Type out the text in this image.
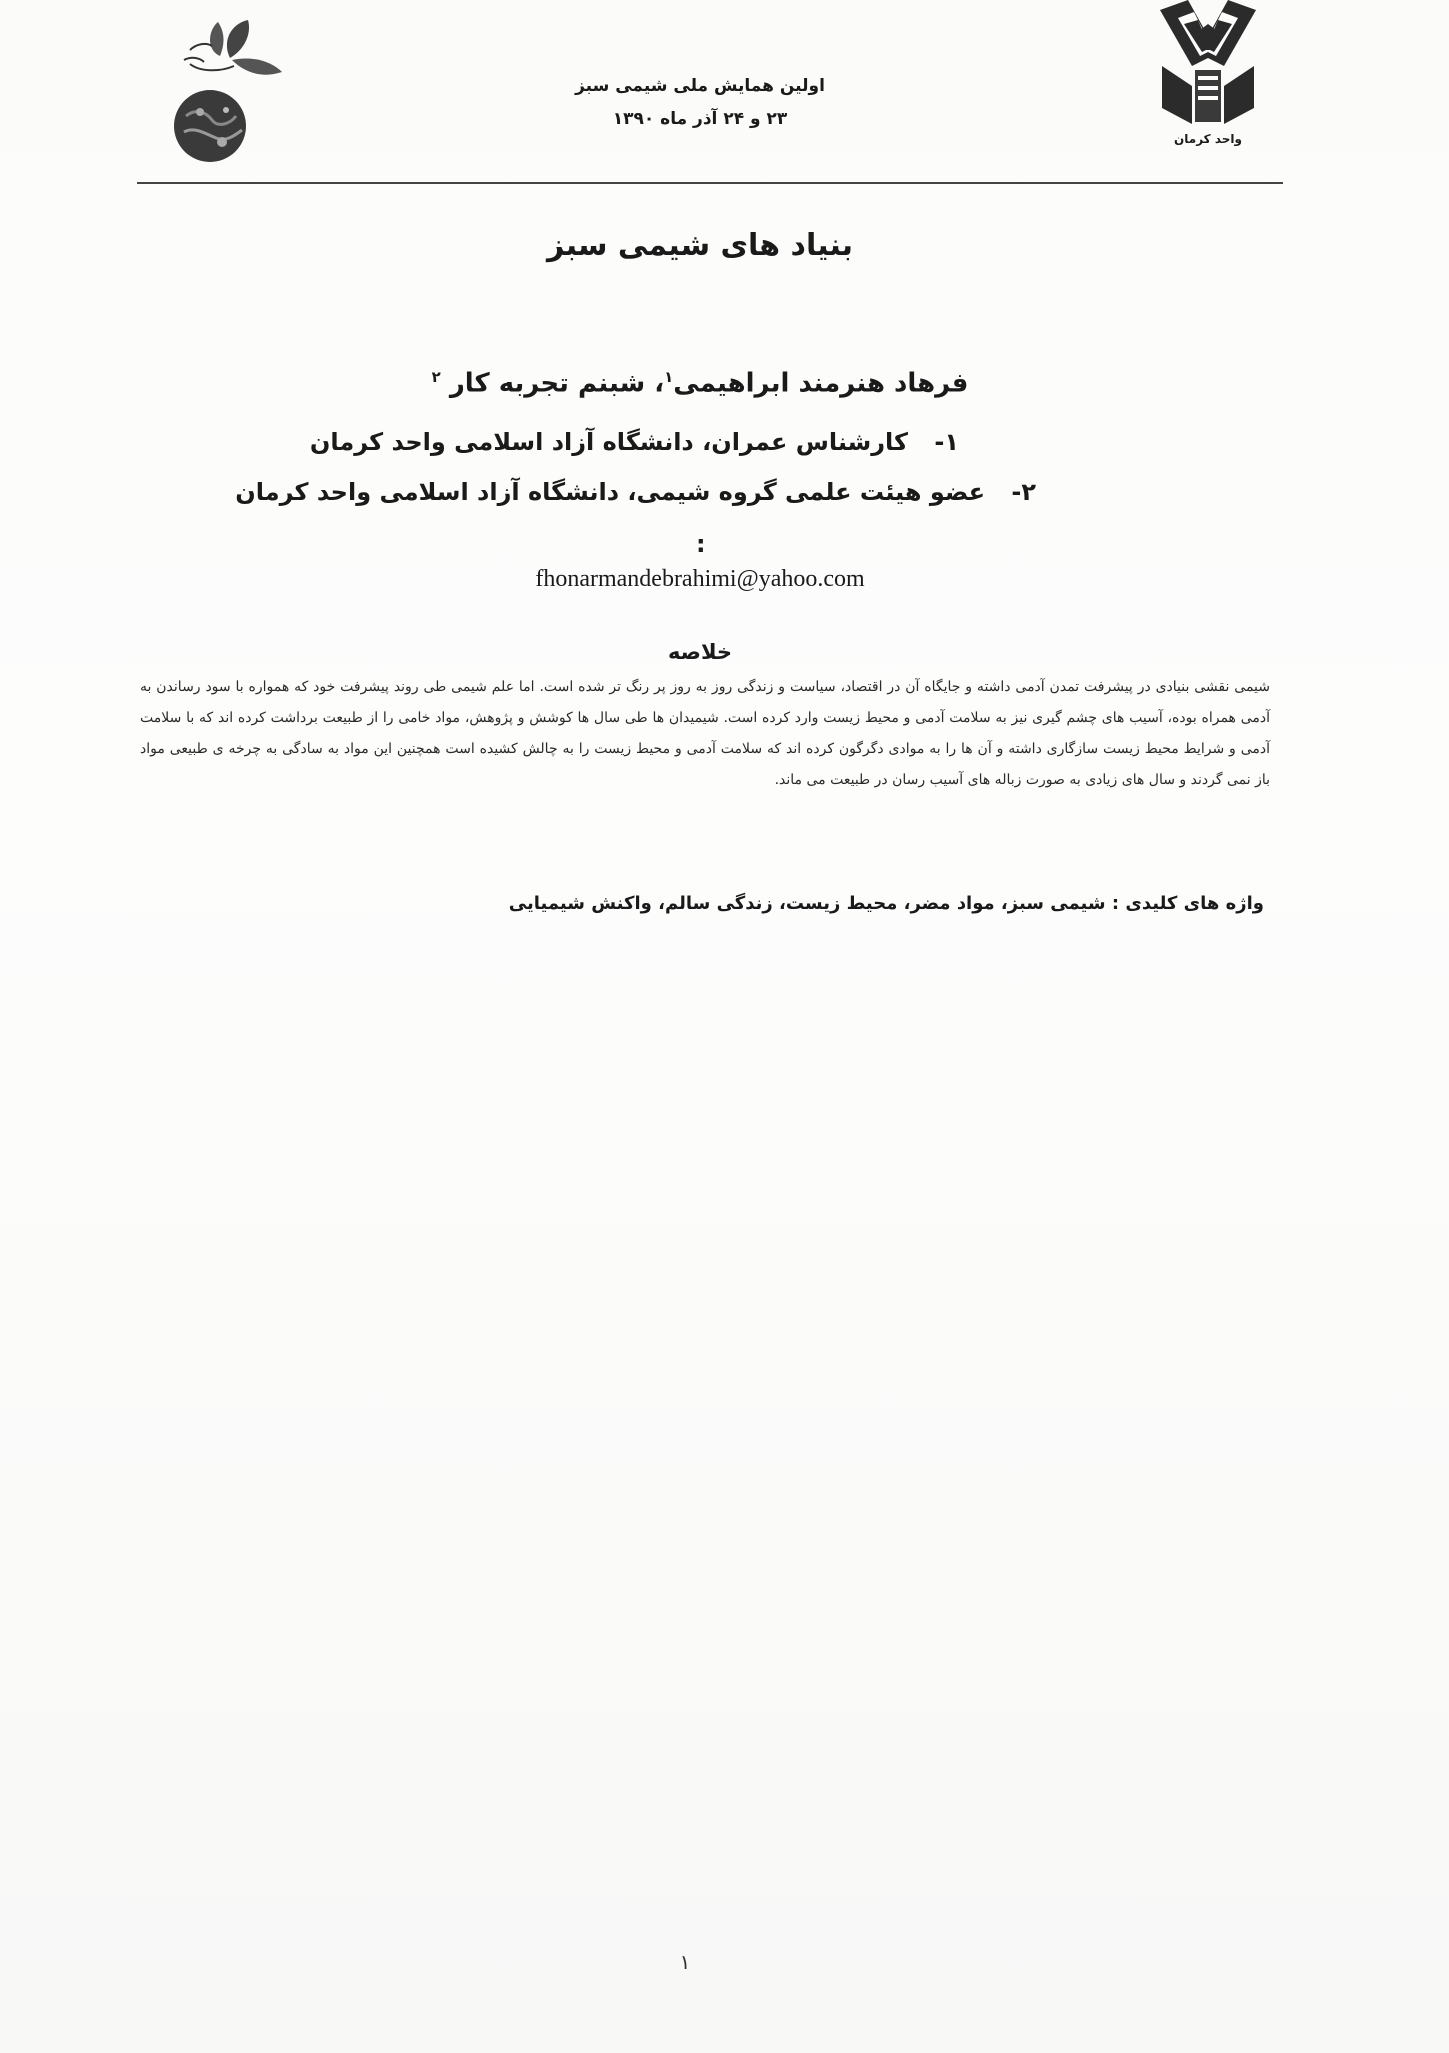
واحد کرمان
اولین همایش ملی شیمی سبز
۲۳ و ۲۴ آذر ماه ۱۳۹۰
بنیاد های شیمی سبز
فرهاد هنرمند ابراهیمی$^۱$، شبنم تجربه کار $^۲$
۱- کارشناس عمران، دانشگاه آزاد اسلامی واحد کرمان
۲- عضو هیئت علمی گروه شیمی، دانشگاه آزاد اسلامی واحد کرمان
:
fhonarmandebrahimi@yahoo.com
خلاصه
شیمی نقشی بنیادی در پیشرفت تمدن آدمی داشته و جایگاه آن در اقتصاد، سیاست و زندگی روز به روز پر رنگ تر شده است. اما علم شیمی طی روند پیشرفت خود که همواره با سود رساندن به آدمی همراه بوده، آسیب های چشم گیری نیز به سلامت آدمی و محیط زیست وارد کرده است. شیمیدان ها طی سال ها کوشش و پژوهش، مواد خامی را از طبیعت برداشت کرده اند که با سلامت آدمی و شرایط محیط زیست سازگاری داشته و آن ها را به موادی دگرگون کرده اند که سلامت آدمی و محیط زیست را به چالش کشیده است همچنین این مواد به سادگی به چرخه ی طبیعی مواد باز نمی گردند و سال های زیادی به صورت زباله های آسیب رسان در طبیعت می ماند.
واژه های کلیدی : شیمی سبز، مواد مضر، محیط زیست، زندگی سالم، واکنش شیمیایی
۱
